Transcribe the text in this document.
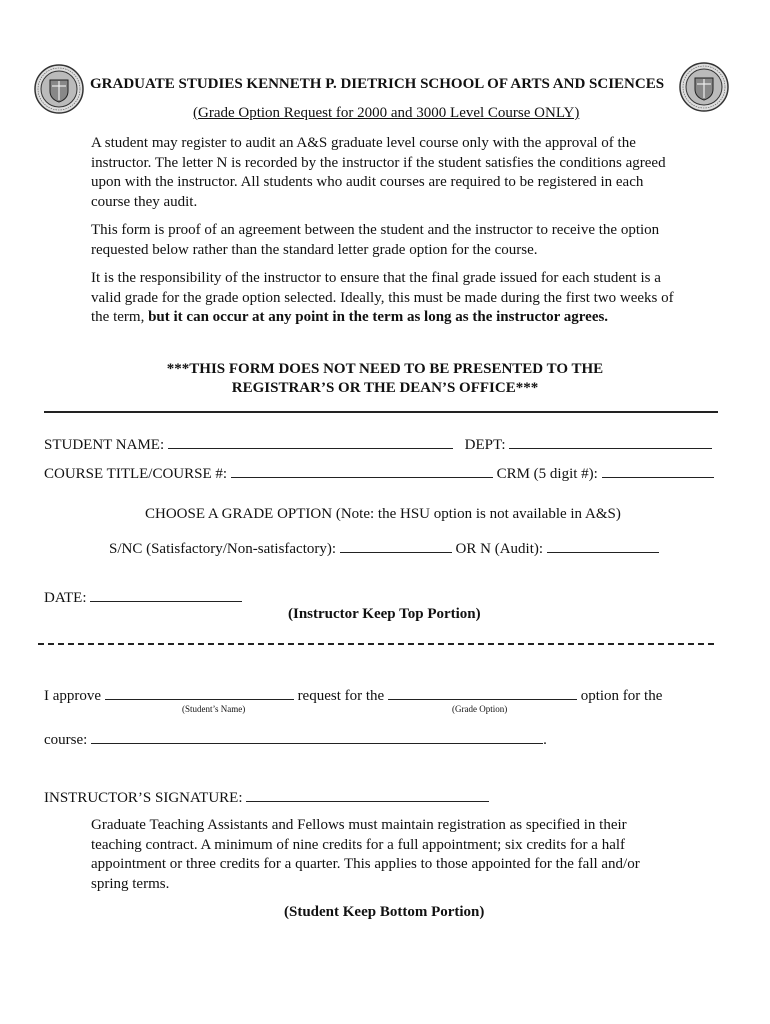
GRADUATE STUDIES KENNETH P. DIETRICH SCHOOL OF ARTS AND SCIENCES
(Grade Option Request for 2000 and 3000 Level Course ONLY)
A student may register to audit an A&S graduate level course only with the approval of the instructor. The letter N is recorded by the instructor if the student satisfies the conditions agreed upon with the instructor. All students who audit courses are required to be registered in each course they audit.
This form is proof of an agreement between the student and the instructor to receive the option requested below rather than the standard letter grade option for the course.
It is the responsibility of the instructor to ensure that the final grade issued for each student is a valid grade for the grade option selected. Ideally, this must be made during the first two weeks of the term, but it can occur at any point in the term as long as the instructor agrees.
***THIS FORM DOES NOT NEED TO BE PRESENTED TO THE
REGISTRAR’S OR THE DEAN’S OFFICE***
STUDENT NAME:	DEPT:
COURSE TITLE/COURSE #:	CRM (5 digit #):
CHOOSE A GRADE OPTION (Note: the HSU option is not available in A&S)
S/NC (Satisfactory/Non-satisfactory):	OR N (Audit):
DATE:
(Instructor Keep Top Portion)
I approve	request for the	option for the
(Student’s Name)	(Grade Option)
course:	.
INSTRUCTOR’S SIGNATURE:
Graduate Teaching Assistants and Fellows must maintain registration as specified in their teaching contract. A minimum of nine credits for a full appointment; six credits for a half appointment or three credits for a quarter. This applies to those appointed for the fall and/or spring terms.
(Student Keep Bottom Portion)
